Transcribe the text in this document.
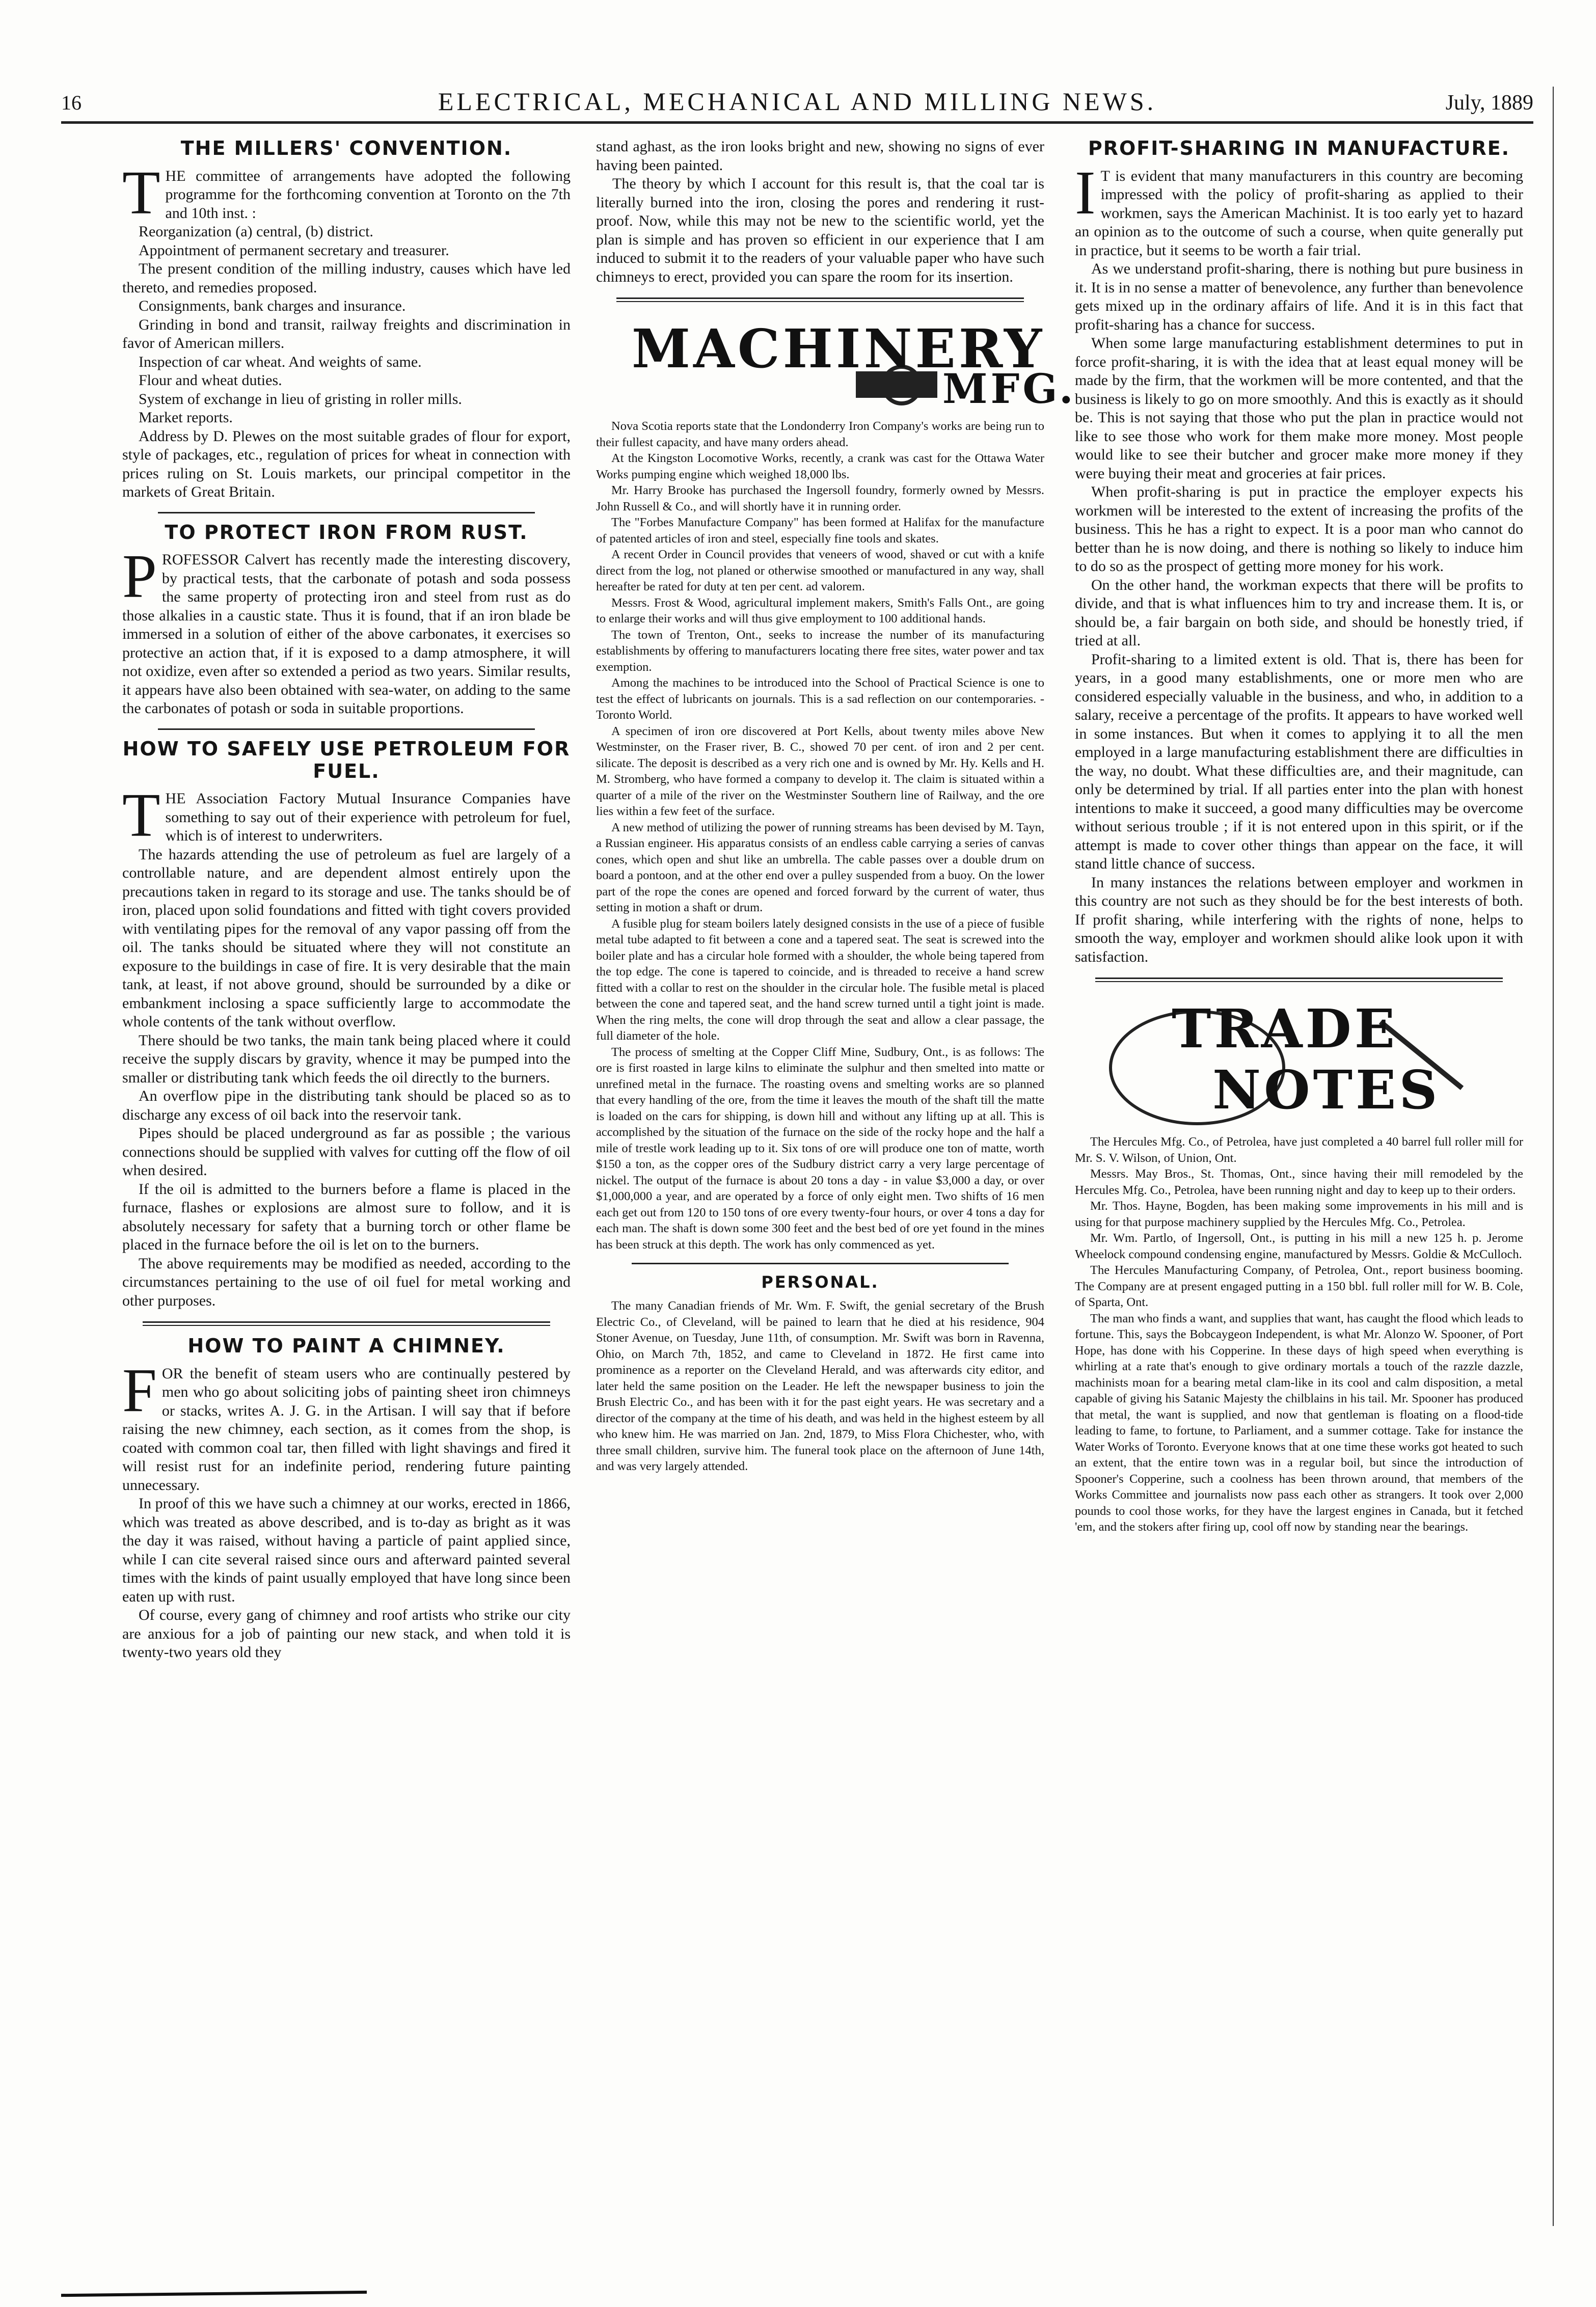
16	ELECTRICAL, MECHANICAL AND MILLING NEWS.	July, 1889
THE MILLERS' CONVENTION.

THE committee of arrangements have adopted the following programme for the forthcoming convention at Toronto on the 7th and 10th inst. :

Reorganization (a) central, (b) district.
Appointment of permanent secretary and treasurer.
The present condition of the milling industry, causes which have led thereto, and remedies proposed.
Consignments, bank charges and insurance.
Grinding in bond and transit, railway freights and discrimination in favor of American millers.
Inspection of car wheat. And weights of same.
Flour and wheat duties.
System of exchange in lieu of gristing in roller mills.
Market reports.

Address by D. Plewes on the most suitable grades of flour for export, style of packages, etc., regulation of prices for wheat in connection with prices ruling on St. Louis markets, our principal competitor in the markets of Great Britain.

TO PROTECT IRON FROM RUST.

PROFESSOR Calvert has recently made the interesting discovery, by practical tests, that the carbonate of potash and soda possess the same property of protecting iron and steel from rust as do those alkalies in a caustic state. Thus it is found, that if an iron blade be immersed in a solution of either of the above carbonates, it exercises so protective an action that, if it is exposed to a damp atmosphere, it will not oxidize, even after so extended a period as two years. Similar results, it appears have also been obtained with sea-water, on adding to the same the carbonates of potash or soda in suitable proportions.

HOW TO SAFELY USE PETROLEUM FOR FUEL.

THE Association Factory Mutual Insurance Companies have something to say out of their experience with petroleum for fuel, which is of interest to underwriters.

The hazards attending the use of petroleum as fuel are largely of a controllable nature, and are dependent almost entirely upon the precautions taken in regard to its storage and use. The tanks should be of iron, placed upon solid foundations and fitted with tight covers provided with ventilating pipes for the removal of any vapor passing off from the oil. The tanks should be situated where they will not constitute an exposure to the buildings in case of fire. It is very desirable that the main tank, at least, if not above ground, should be surrounded by a dike or embankment inclosing a space sufficiently large to accommodate the whole contents of the tank without overflow.

There should be two tanks, the main tank being placed where it could receive the supply discars by gravity, whence it may be pumped into the smaller or distributing tank which feeds the oil directly to the burners.

An overflow pipe in the distributing tank should be placed so as to discharge any excess of oil back into the reservoir tank.

Pipes should be placed underground as far as possible ; the various connections should be supplied with valves for cutting off the flow of oil when desired.

If the oil is admitted to the burners before a flame is placed in the furnace, flashes or explosions are almost sure to follow, and it is absolutely necessary for safety that a burning torch or other flame be placed in the furnace before the oil is let on to the burners.

The above requirements may be modified as needed, according to the circumstances pertaining to the use of oil fuel for metal working and other purposes.

HOW TO PAINT A CHIMNEY.

FOR the benefit of steam users who are continually pestered by men who go about soliciting jobs of painting sheet iron chimneys or stacks, writes A. J. G. in the Artisan. I will say that if before raising the new chimney, each section, as it comes from the shop, is coated with common coal tar, then filled with light shavings and fired it will resist rust for an indefinite period, rendering future painting unnecessary.

In proof of this we have such a chimney at our works, erected in 1866, which was treated as above described, and is to-day as bright as it was the day it was raised, without having a particle of paint applied since, while I can cite several raised since ours and afterward painted several times with the kinds of paint usually employed that have long since been eaten up with rust.

Of course, every gang of chimney and roof artists who strike our city are anxious for a job of painting our new stack, and when told it is twenty-two years old they

stand aghast, as the iron looks bright and new, showing no signs of ever having been painted.

The theory by which I account for this result is, that the coal tar is literally burned into the iron, closing the pores and rendering it rust-proof. Now, while this may not be new to the scientific world, yet the plan is simple and has proven so efficient in our experience that I am induced to submit it to the readers of your valuable paper who have such chimneys to erect, provided you can spare the room for its insertion.

MACHINERY
MFG.

Nova Scotia reports state that the Londonderry Iron Company's works are being run to their fullest capacity, and have many orders ahead.

At the Kingston Locomotive Works, recently, a crank was cast for the Ottawa Water Works pumping engine which weighed 18,000 lbs.

Mr. Harry Brooke has purchased the Ingersoll foundry, formerly owned by Messrs. John Russell & Co., and will shortly have it in running order.

The "Forbes Manufacture Company" has been formed at Halifax for the manufacture of patented articles of iron and steel, especially fine tools and skates.

A recent Order in Council provides that veneers of wood, shaved or cut with a knife direct from the log, not planed or otherwise smoothed or manufactured in any way, shall hereafter be rated for duty at ten per cent. ad valorem.

Messrs. Frost & Wood, agricultural implement makers, Smith's Falls Ont., are going to enlarge their works and will thus give employment to 100 additional hands.

The town of Trenton, Ont., seeks to increase the number of its manufacturing establishments by offering to manufacturers locating there free sites, water power and tax exemption.

Among the machines to be introduced into the School of Practical Science is one to test the effect of lubricants on journals. This is a sad reflection on our contemporaries. - Toronto World.

A specimen of iron ore discovered at Port Kells, about twenty miles above New Westminster, on the Fraser river, B. C., showed 70 per cent. of iron and 2 per cent. silicate. The deposit is described as a very rich one and is owned by Mr. Hy. Kells and H. M. Stromberg, who have formed a company to develop it. The claim is situated within a quarter of a mile of the river on the Westminster Southern line of Railway, and the ore lies within a few feet of the surface.

A new method of utilizing the power of running streams has been devised by M. Tayn, a Russian engineer. His apparatus consists of an endless cable carrying a series of canvas cones, which open and shut like an umbrella. The cable passes over a double drum on board a pontoon, and at the other end over a pulley suspended from a buoy. On the lower part of the rope the cones are opened and forced forward by the current of water, thus setting in motion a shaft or drum.

A fusible plug for steam boilers lately designed consists in the use of a piece of fusible metal tube adapted to fit between a cone and a tapered seat. The seat is screwed into the boiler plate and has a circular hole formed with a shoulder, the whole being tapered from the top edge. The cone is tapered to coincide, and is threaded to receive a hand screw fitted with a collar to rest on the shoulder in the circular hole. The fusible metal is placed between the cone and tapered seat, and the hand screw turned until a tight joint is made. When the ring melts, the cone will drop through the seat and allow a clear passage, the full diameter of the hole.

The process of smelting at the Copper Cliff Mine, Sudbury, Ont., is as follows: The ore is first roasted in large kilns to eliminate the sulphur and then smelted into matte or unrefined metal in the furnace. The roasting ovens and smelting works are so planned that every handling of the ore, from the time it leaves the mouth of the shaft till the matte is loaded on the cars for shipping, is down hill and without any lifting up at all. This is accomplished by the situation of the furnace on the side of the rocky hope and the half a mile of trestle work leading up to it. Six tons of ore will produce one ton of matte, worth $150 a ton, as the copper ores of the Sudbury district carry a very large percentage of nickel. The output of the furnace is about 20 tons a day - in value $3,000 a day, or over $1,000,000 a year, and are operated by a force of only eight men. Two shifts of 16 men each get out from 120 to 150 tons of ore every twenty-four hours, or over 4 tons a day for each man. The shaft is down some 300 feet and the best bed of ore yet found in the mines has been struck at this depth. The work has only commenced as yet.

PERSONAL.

The many Canadian friends of Mr. Wm. F. Swift, the genial secretary of the Brush Electric Co., of Cleveland, will be pained to learn that he died at his residence, 904 Stoner Avenue, on Tuesday, June 11th, of consumption. Mr. Swift was born in Ravenna, Ohio, on March 7th, 1852, and came to Cleveland in 1872. He first came into prominence as a reporter on the Cleveland Herald, and was afterwards city editor, and later held the same position on the Leader. He left the newspaper business to join the Brush Electric Co., and has been with it for the past eight years. He was secretary and a director of the company at the time of his death, and was held in the highest esteem by all who knew him. He was married on Jan. 2nd, 1879, to Miss Flora Chichester, who, with three small children, survive him. The funeral took place on the afternoon of June 14th, and was very largely attended.

PROFIT-SHARING IN MANUFACTURE.

IT is evident that many manufacturers in this country are becoming impressed with the policy of profit-sharing as applied to their workmen, says the American Machinist. It is too early yet to hazard an opinion as to the outcome of such a course, when quite generally put in practice, but it seems to be worth a fair trial.

As we understand profit-sharing, there is nothing but pure business in it. It is in no sense a matter of benevolence, any further than benevolence gets mixed up in the ordinary affairs of life. And it is in this fact that profit-sharing has a chance for success.

When some large manufacturing establishment determines to put in force profit-sharing, it is with the idea that at least equal money will be made by the firm, that the workmen will be more contented, and that the business is likely to go on more smoothly. And this is exactly as it should be. This is not saying that those who put the plan in practice would not like to see those who work for them make more money. Most people would like to see their butcher and grocer make more money if they were buying their meat and groceries at fair prices.

When profit-sharing is put in practice the employer expects his workmen will be interested to the extent of increasing the profits of the business. This he has a right to expect. It is a poor man who cannot do better than he is now doing, and there is nothing so likely to induce him to do so as the prospect of getting more money for his work.

On the other hand, the workman expects that there will be profits to divide, and that is what influences him to try and increase them. It is, or should be, a fair bargain on both side, and should be honestly tried, if tried at all.

Profit-sharing to a limited extent is old. That is, there has been for years, in a good many establishments, one or more men who are considered especially valuable in the business, and who, in addition to a salary, receive a percentage of the profits. It appears to have worked well in some instances. But when it comes to applying it to all the men employed in a large manufacturing establishment there are difficulties in the way, no doubt. What these difficulties are, and their magnitude, can only be determined by trial. If all parties enter into the plan with honest intentions to make it succeed, a good many difficulties may be overcome without serious trouble ; if it is not entered upon in this spirit, or if the attempt is made to cover other things than appear on the face, it will stand little chance of success.

In many instances the relations between employer and workmen in this country are not such as they should be for the best interests of both. If profit sharing, while interfering with the rights of none, helps to smooth the way, employer and workmen should alike look upon it with satisfaction.

TRADE
NOTES

The Hercules Mfg. Co., of Petrolea, have just completed a 40 barrel full roller mill for Mr. S. V. Wilson, of Union, Ont.

Messrs. May Bros., St. Thomas, Ont., since having their mill remodeled by the Hercules Mfg. Co., Petrolea, have been running night and day to keep up to their orders.

Mr. Thos. Hayne, Bogden, has been making some improvements in his mill and is using for that purpose machinery supplied by the Hercules Mfg. Co., Petrolea.

Mr. Wm. Partlo, of Ingersoll, Ont., is putting in his mill a new 125 h. p. Jerome Wheelock compound condensing engine, manufactured by Messrs. Goldie & McCulloch.

The Hercules Manufacturing Company, of Petrolea, Ont., report business booming. The Company are at present engaged putting in a 150 bbl. full roller mill for W. B. Cole, of Sparta, Ont.

The man who finds a want, and supplies that want, has caught the flood which leads to fortune. This, says the Bobcaygeon Independent, is what Mr. Alonzo W. Spooner, of Port Hope, has done with his Copperine. In these days of high speed when everything is whirling at a rate that's enough to give ordinary mortals a touch of the razzle dazzle, machinists moan for a bearing metal clam-like in its cool and calm disposition, a metal capable of giving his Satanic Majesty the chilblains in his tail. Mr. Spooner has produced that metal, the want is supplied, and now that gentleman is floating on a flood-tide leading to fame, to fortune, to Parliament, and a summer cottage. Take for instance the Water Works of Toronto. Everyone knows that at one time these works got heated to such an extent, that the entire town was in a regular boil, but since the introduction of Spooner's Copperine, such a coolness has been thrown around, that members of the Works Committee and journalists now pass each other as strangers. It took over 2,000 pounds to cool those works, for they have the largest engines in Canada, but it fetched 'em, and the stokers after firing up, cool off now by standing near the bearings.
